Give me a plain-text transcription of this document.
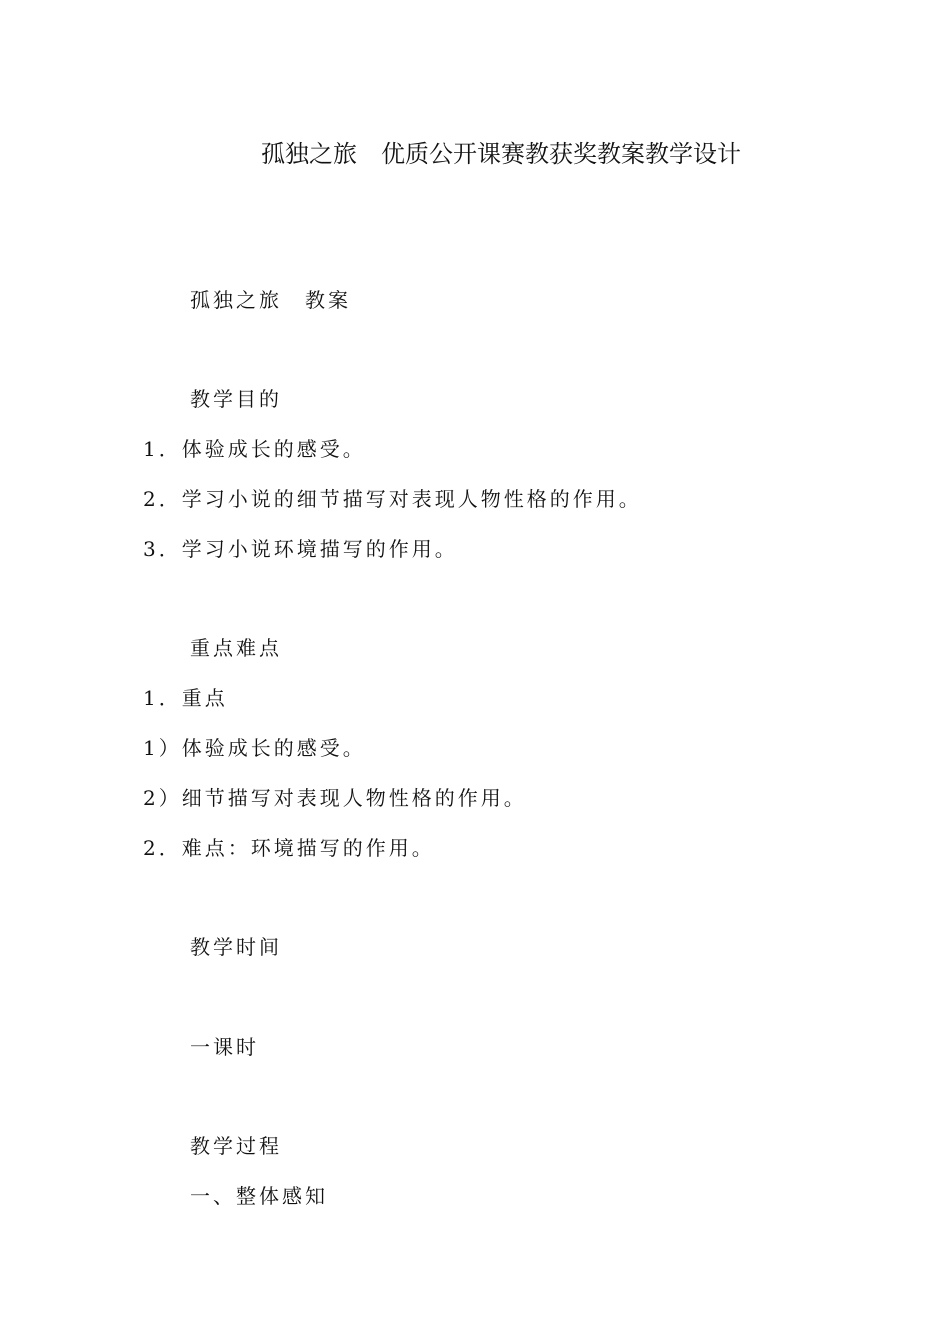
孤独之旅　优质公开课赛教获奖教案教学设计
孤独之旅　教案
教学目的
1．体验成长的感受。
2．学习小说的细节描写对表现人物性格的作用。
3．学习小说环境描写的作用。
重点难点
1．重点
1）体验成长的感受。
2）细节描写对表现人物性格的作用。
2．难点：环境描写的作用。
教学时间
一课时
教学过程
一、整体感知
